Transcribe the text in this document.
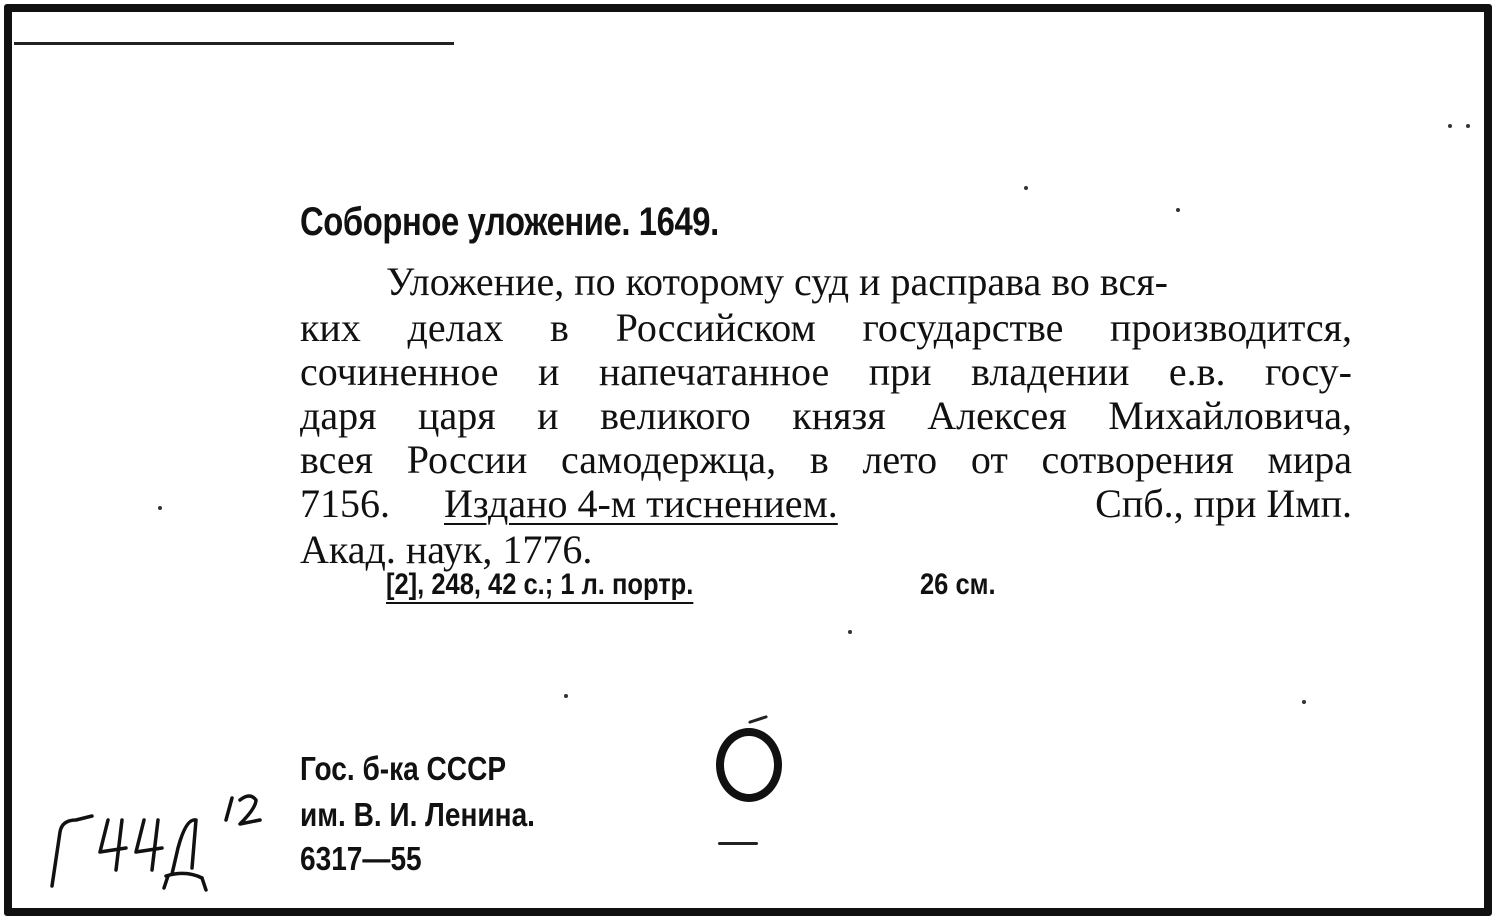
Соборное уложение. 1649.
Уложение, по которому суд и расправа во вся-
ких делах в Российском государстве производится,
сочиненное и напечатанное при владении е.в. госу-
даря царя и великого князя Алексея Михайловича,
всея России самодержца, в лето от сотворения мира
7156. Издано 4-м тиснением.	Спб., при Имп.
Акад. наук, 1776.
[2], 248, 42 с.; 1 л. портр.	26 см.
Гос. б-ка СССР
им. В. И. Ленина.
6317—55
